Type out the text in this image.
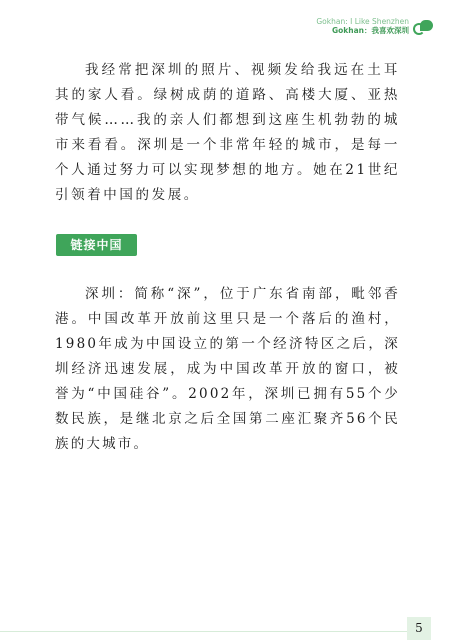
Gokhan: I Like Shenzhen
Gokhan：我喜欢深圳

我经常把深圳的照片、视频发给我远在土耳其的家人看。绿树成荫的道路、高楼大厦、亚热带气候……我的亲人们都想到这座生机勃勃的城市来看看。深圳是一个非常年轻的城市，是每一个人通过努力可以实现梦想的地方。她在21世纪引领着中国的发展。

链接中国

深圳：简称“深”，位于广东省南部，毗邻香港。中国改革开放前这里只是一个落后的渔村，1980年成为中国设立的第一个经济特区之后，深圳经济迅速发展，成为中国改革开放的窗口，被誉为“中国硅谷”。2002年，深圳已拥有55个少数民族，是继北京之后全国第二座汇聚齐56个民族的大城市。

5
